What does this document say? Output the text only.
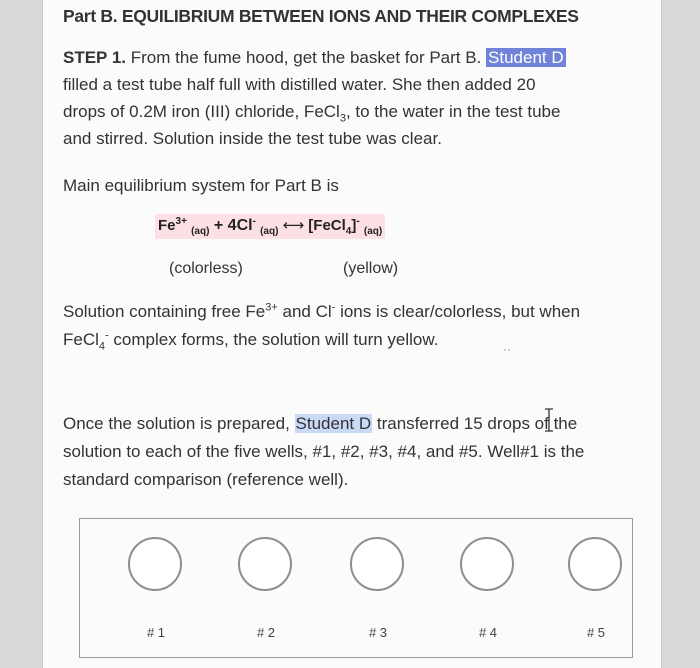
Part B. EQUILIBRIUM BETWEEN IONS AND THEIR COMPLEXES
STEP 1. From the fume hood, get the basket for Part B. Student D
filled a test tube half full with distilled water. She then added 20
drops of 0.2M iron (III) chloride, FeCl$_3$, to the water in the test tube
and stirred. Solution inside the test tube was clear.
Main equilibrium system for Part B is
$Fe^{3+}$ $_{(aq)}$ + 4Cl- $_{(aq)}$ ⟷ [FeCl$_4$]- $_{(aq)}$
(colorless)	(yellow)
Solution containing free $Fe^{3+}$ and Cl- ions is clear/colorless, but when
FeCl$_4$- complex forms, the solution will turn yellow.	··
Once the solution is prepared, Student D transferred 15 drops of the
solution to each of the five wells, #1, #2, #3, #4, and #5. Well#1 is the
standard comparison (reference well).
# 1	# 2	# 3	# 4	# 5
